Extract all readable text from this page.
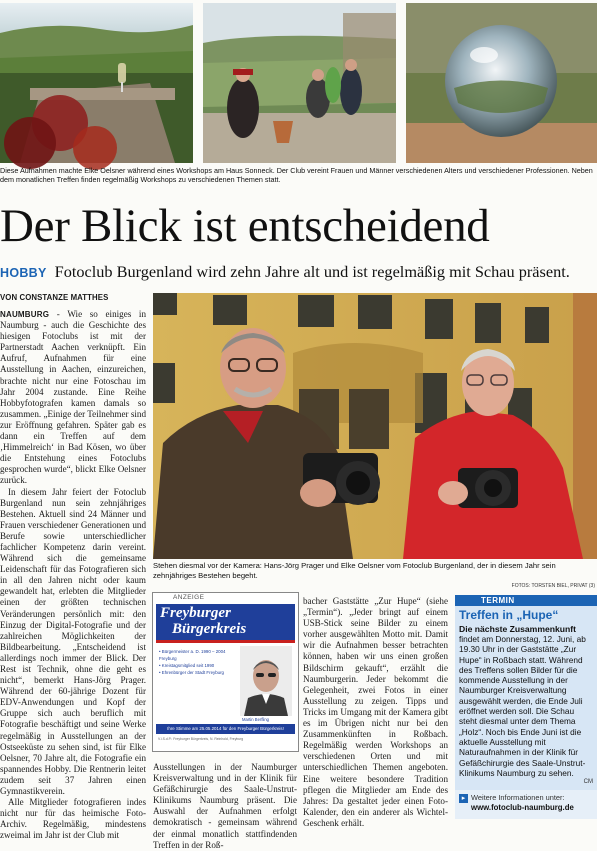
Diese Aufnahmen machte Elke Oelsner während eines Workshops am Haus Sonneck. Der Club vereint Frauen und Männer verschiedenen Alters und verschiedener Professionen. Neben dem monatlichen Treffen finden regelmäßig Workshops zu verschiedenen Themen statt.
Der Blick ist entscheidend
HOBBY Fotoclub Burgenland wird zehn Jahre alt und ist regelmäßig mit Schau präsent.
VON CONSTANZE MATTHES

NAUMBURG - Wie so einiges in Naumburg - auch die Geschichte des hiesigen Fotoclubs ist mit der Partnerstadt Aachen verknüpft. Ein Aufruf, Aufnahmen für eine Ausstellung in Aachen, einzureichen, brachte nicht nur eine Fotoschau im Jahr 2004 zustande. Eine Reihe Hobbyfotografen kamen damals so zusammen. „Einige der Teilnehmer sind zur Eröffnung gefahren. Später gab es dann ein Treffen auf dem ‚Himmelreich‘ in Bad Kösen, wo über die Entstehung eines Fotoclubs gesprochen wurde“, blickt Elke Oelsner zurück.

In diesem Jahr feiert der Fotoclub Burgenland nun sein zehnjähriges Bestehen. Aktuell sind 24 Männer und Frauen verschiedener Generationen und Berufe sowie unterschiedlicher fachlicher Kompetenz darin vereint. Während sich die gemeinsame Leidenschaft für das Fotografieren sich in all den Jahren nicht oder kaum gewandelt hat, erlebten die Mitglieder einen der größten technischen Veränderungen persönlich mit: den Einzug der Digital-Fotografie und der zahlreichen Möglichkeiten der Bildbearbeitung. „Entscheidend ist allerdings noch immer der Blick. Der Rest ist Technik, ohne die geht es nicht“, bemerkt Hans-Jörg Prager. Während der 60-jährige Dozent für EDV-Anwendungen und Kopf der Gruppe sich auch beruflich mit Fotografie beschäftigt und seine Werke regelmäßig in Ausstellungen an der Ostseeküste zu sehen sind, ist für Elke Oelsner, 70 Jahre alt, die Fotografie ein spannendes Hobby. Die Rentnerin leitet zudem seit 37 Jahren einen Gymnastikverein.

Alle Mitglieder fotografieren indes nicht nur für das heimische Foto-Archiv. Regelmäßig, mindestens zweimal im Jahr ist der Club mit

Stehen diesmal vor der Kamera: Hans-Jörg Prager und Elke Oelsner vom Fotoclub Burgenland, der in diesem Jahr sein zehnjähriges Bestehen begeht.
FOTOS: TORSTEN BIEL, PRIVAT (3)
ANZEIGE
Freyburger
Bürgerkreis
• Bürgermeister a. D. 1990 – 2004 Freyburg
• Kreistagsmitglied seit 1990
• Ehrenbürger der Stadt Freyburg
Martin Berfling
Ihre Stimme am 25.05.2014 für den Freyburger Bürgerkreis!
V.i.S.d.P.: Freyburger Bürgerkreis, N. Reinhold, Freyburg
Ausstellungen in der Naumburger Kreisverwaltung und in der Klinik für Gefäßchirurgie des Saale-Unstrut-Klinikums Naumburg präsent. Die Auswahl der Aufnahmen erfolgt demokratisch - gemeinsam während der einmal monatlich stattfindenden Treffen in der Roß-
bacher Gaststätte „Zur Hupe“ (siehe „Termin“). „Jeder bringt auf einem USB-Stick seine Bilder zu einem vorher ausgewählten Motto mit. Damit wir die Aufnahmen besser betrachten können, haben wir uns einen großen Bildschirm gekauft“, erzählt die Naumburgerin. Jeder bekommt die Gelegenheit, zwei Fotos in einer Ausstellung zu zeigen. Tipps und Tricks im Umgang mit der Kamera gibt es im Übrigen nicht nur bei den Zusammenkünften in Roßbach. Regelmäßig werden Workshops an verschiedenen Orten und mit unterschiedlichen Themen angeboten. Eine weitere besondere Tradition pflegen die Mitglieder am Ende des Jahres: Da gestaltet jeder einen Foto-Kalender, den ein anderer als Wichtel-Geschenk erhält.
TERMIN
Treffen in „Hupe“
Die nächste Zusammenkunft
findet am Donnerstag, 12. Juni, ab 19.30 Uhr in der Gaststätte „Zur Hupe“ in Roßbach statt. Während des Treffens sollen Bilder für die kommende Ausstellung in der Naumburger Kreisverwaltung ausgewählt werden, die Ende Juli eröffnet werden soll. Die Schau steht diesmal unter dem Thema „Holz“. Noch bis Ende Juni ist die aktuelle Ausstellung mit Naturaufnahmen in der Klinik für Gefäßchirurgie des Saale-Unstrut-Klinikums Naumburg zu sehen.
CM
▸ Weitere Informationen unter:
www.fotoclub-naumburg.de
